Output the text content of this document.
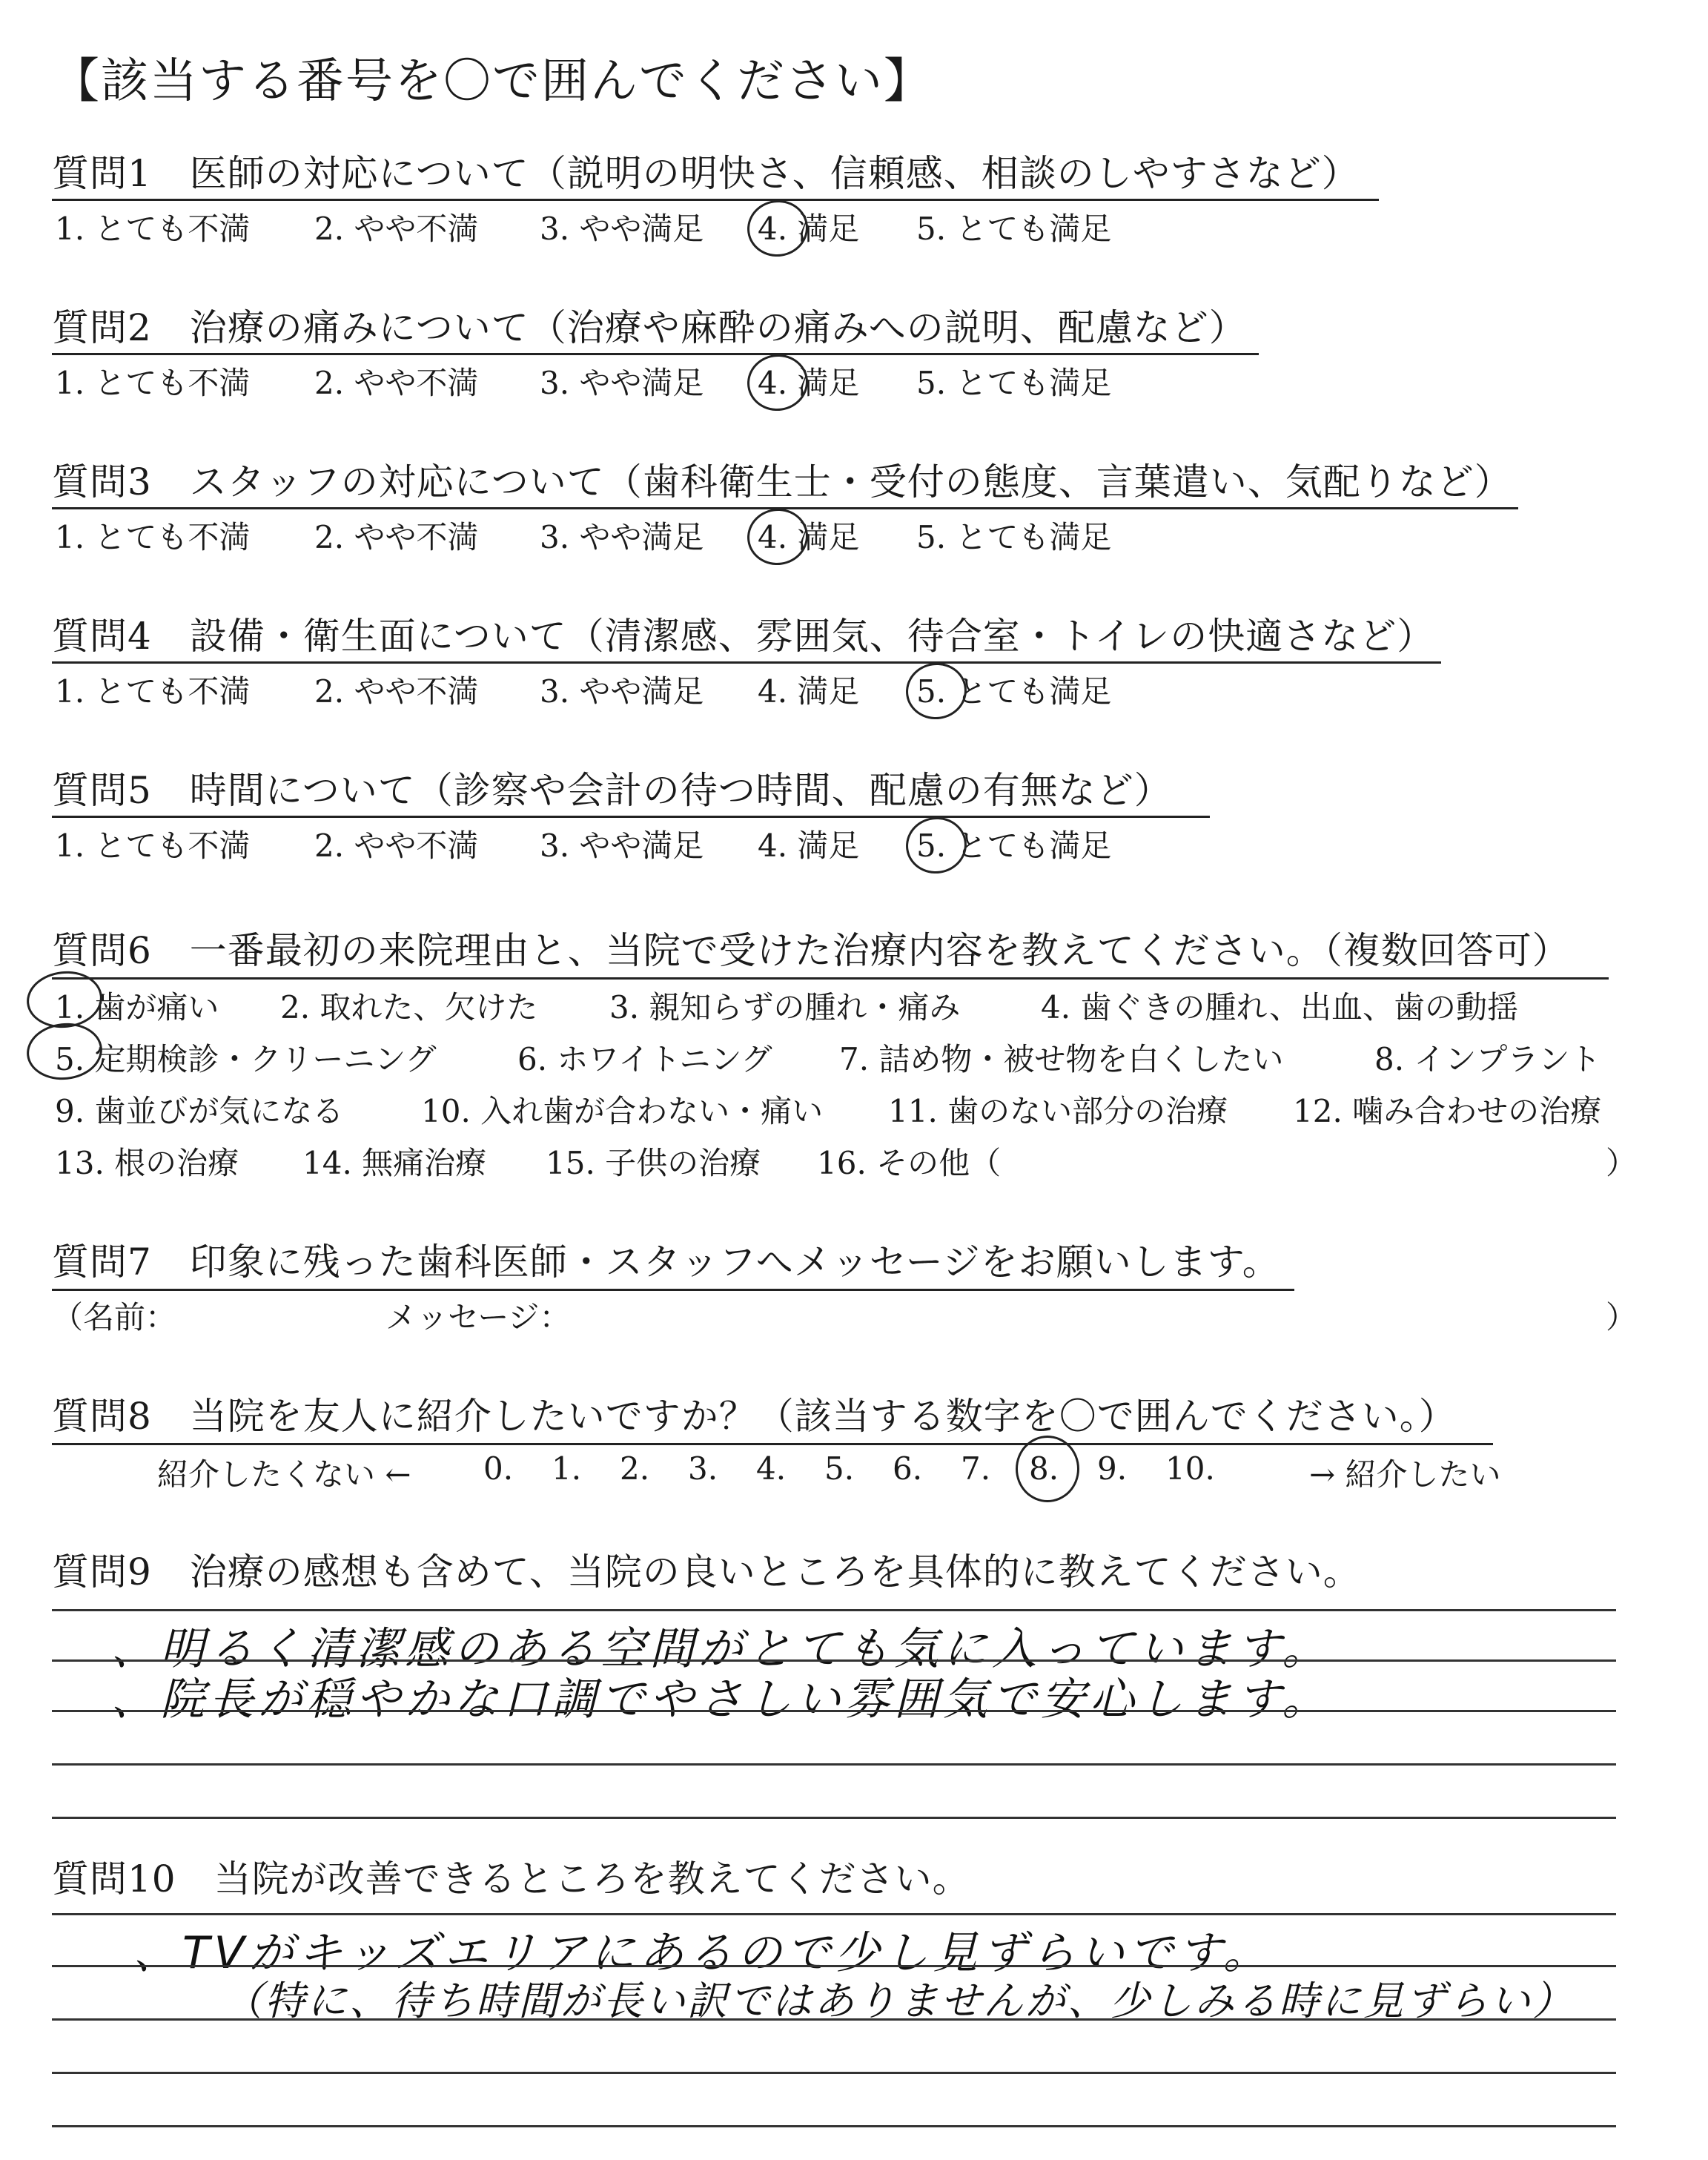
【該当する番号を〇で囲んでください】
質問1　医師の対応について（説明の明快さ、信頼感、相談のしやすさなど）
1. とても不満 2. やや不満 3. やや満足 4. 満足 5. とても満足
質問2　治療の痛みについて（治療や麻酔の痛みへの説明、配慮など）
1. とても不満 2. やや不満 3. やや満足 4. 満足 5. とても満足
質問3　スタッフの対応について（歯科衛生士・受付の態度、言葉遣い、気配りなど）
1. とても不満 2. やや不満 3. やや満足 4. 満足 5. とても満足
質問4　設備・衛生面について（清潔感、雰囲気、待合室・トイレの快適さなど）
1. とても不満 2. やや不満 3. やや満足 4. 満足 5. とても満足
質問5　時間について（診察や会計の待つ時間、配慮の有無など）
1. とても不満 2. やや不満 3. やや満足 4. 満足 5. とても満足
質問6　一番最初の来院理由と、当院で受けた治療内容を教えてください。（複数回答可）
1. 歯が痛い 2. 取れた、欠けた 3. 親知らずの腫れ・痛み	4. 歯ぐきの腫れ、出血、歯の動揺
5. 定期検診・クリーニング	6. ホワイトニング 7. 詰め物・被せ物を白くしたい	8. インプラント
9. 歯並びが気になる 10. 入れ歯が合わない・痛い 11. 歯のない部分の治療 12. 噛み合わせの治療
13. 根の治療 14. 無痛治療 15. 子供の治療 16. その他（	）
質問7　印象に残った歯科医師・スタッフへメッセージをお願いします。
（名前：	メッセージ：	）
質問8　当院を友人に紹介したいですか？（該当する数字を〇で囲んでください。）
紹介したくない ←	→ 紹介したい
0. 1. 2. 3. 4. 5. 6. 7. 8. 9. 10.
質問9　治療の感想も含めて、当院の良いところを具体的に教えてください。
、明るく清潔感のある空間がとても気に入っています。
、院長が穏やかな口調でやさしい雰囲気で安心します。
質問10　当院が改善できるところを教えてください。
、TVがキッズエリアにあるので少し見ずらいです。
（特に、待ち時間が長い訳ではありませんが、少しみる時に見ずらい）
